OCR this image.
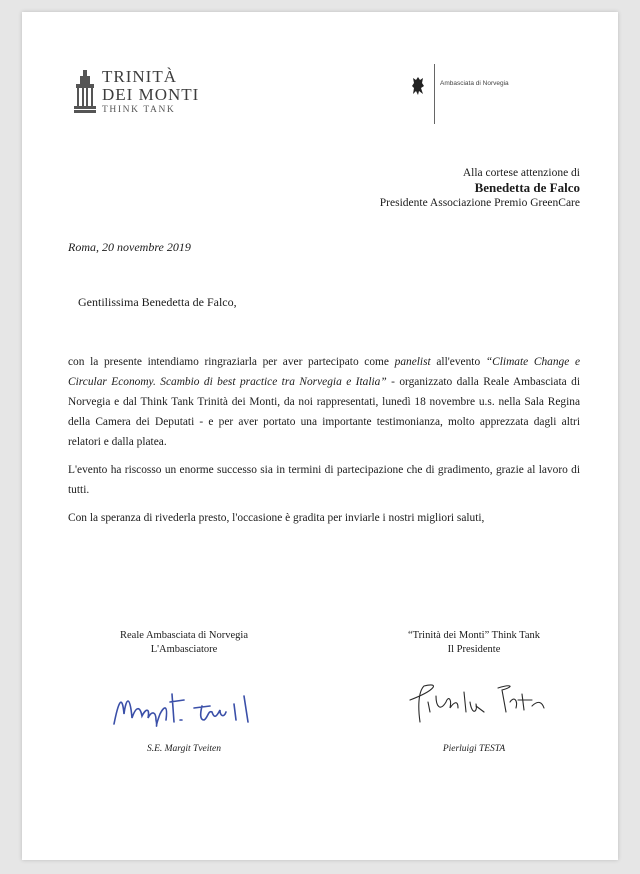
TRINITÀ
DEI MONTI
THINK TANK
Ambasciata di Norvegia
Alla cortese attenzione di
Benedetta de Falco
Presidente Associazione Premio GreenCare
Roma, 20 novembre 2019
Gentilissima Benedetta de Falco,

con la presente intendiamo ringraziarla per aver partecipato come panelist all'evento “Climate Change e Circular Economy. Scambio di best practice tra Norvegia e Italia” - organizzato dalla Reale Ambasciata di Norvegia e dal Think Tank Trinità dei Monti, da noi rappresentati, lunedì 18 novembre u.s. nella Sala Regina della Camera dei Deputati - e per aver portato una importante testimonianza, molto apprezzata dagli altri relatori e dalla platea.

L'evento ha riscosso un enorme successo sia in termini di partecipazione che di gradimento, grazie al lavoro di tutti.

Con la speranza di rivederla presto, l'occasione è gradita per inviarle i nostri migliori saluti,

Reale Ambasciata di Norvegia
L'Ambasciatore
S.E. Margit Tveiten
“Trinità dei Monti” Think Tank
Il Presidente
Pierluigi TESTA
